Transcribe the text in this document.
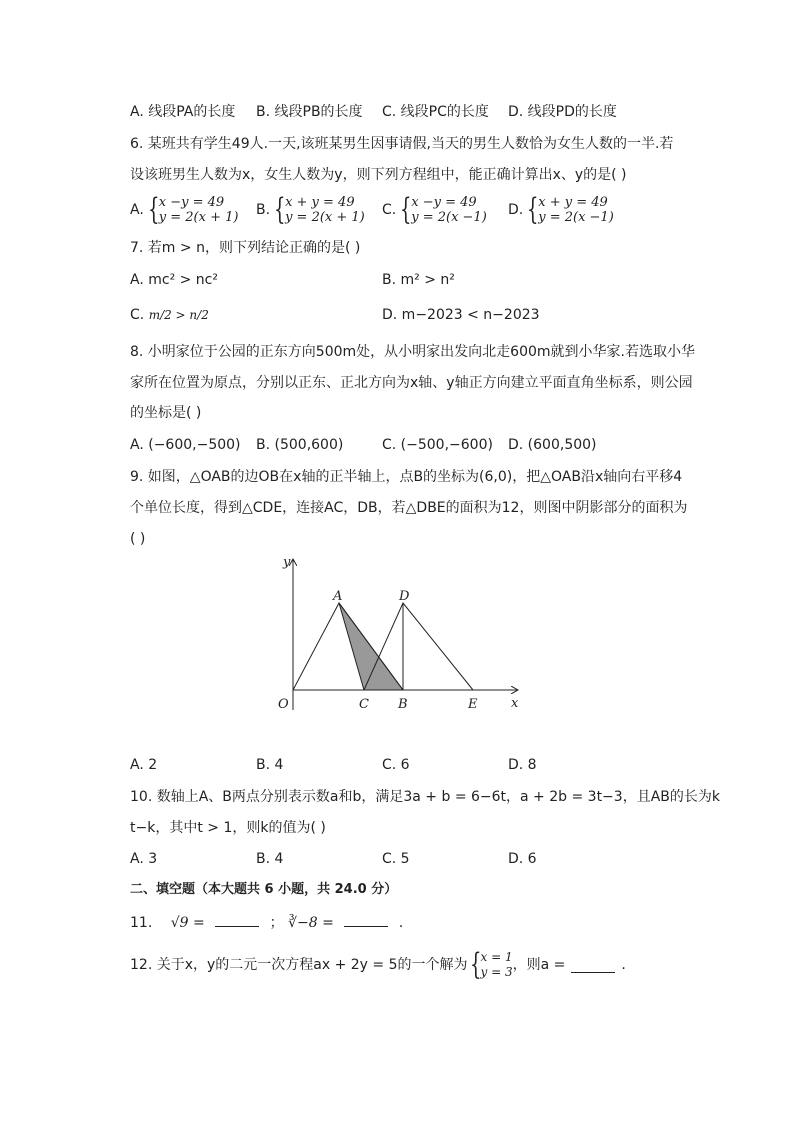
A. 线段PA的长度 B. 线段PB的长度 C. 线段PC的长度 D. 线段PD的长度
6. 某班共有学生49人.一天,该班某男生因事请假,当天的男生人数恰为女生人数的一半.若
设该班男生人数为x，女生人数为y，则下列方程组中，能正确计算出x、y的是( )
A. { x −y = 49
y = 2(x + 1) B. { x + y = 49
y = 2(x + 1) C. { x −y = 49
y = 2(x −1) D. { x + y = 49
y = 2(x −1)
7. 若m > n，则下列结论正确的是( )
A. mc² > nc²	B. m² > n²
C. m/2 > n/2	D. m−2023 < n−2023
8. 小明家位于公园的正东方向500m处，从小明家出发向北走600m就到小华家.若选取小华
家所在位置为原点，分别以正东、正北方向为x轴、y轴正方向建立平面直角坐标系，则公园
的坐标是( )
A. (−600,−500) B. (500,600)	C. (−500,−600) D. (600,500)
9. 如图，△OAB的边OB在x轴的正半轴上，点B的坐标为(6,0)，把△OAB沿x轴向右平移4
个单位长度，得到△CDE，连接AC，DB，若△DBE的面积为12，则图中阴影部分的面积为
( )
y
x
O
A
C B
D
E
A. 2	B. 4	C. 6	D. 8
10. 数轴上A、B两点分别表示数a和b，满足3a + b = 6−6t，a + 2b = 3t−3，且AB的长为k
t−k，其中t > 1，则k的值为( )
A. 3	B. 4	C. 5	D. 6
二、填空题（本大题共 6 小题，共 24.0 分）
11. √9 =	； ∛−8 =	.
12. 关于x，y的二元一次方程ax + 2y = 5的一个解为 { x = 1
y = 3 ，则a =	.
